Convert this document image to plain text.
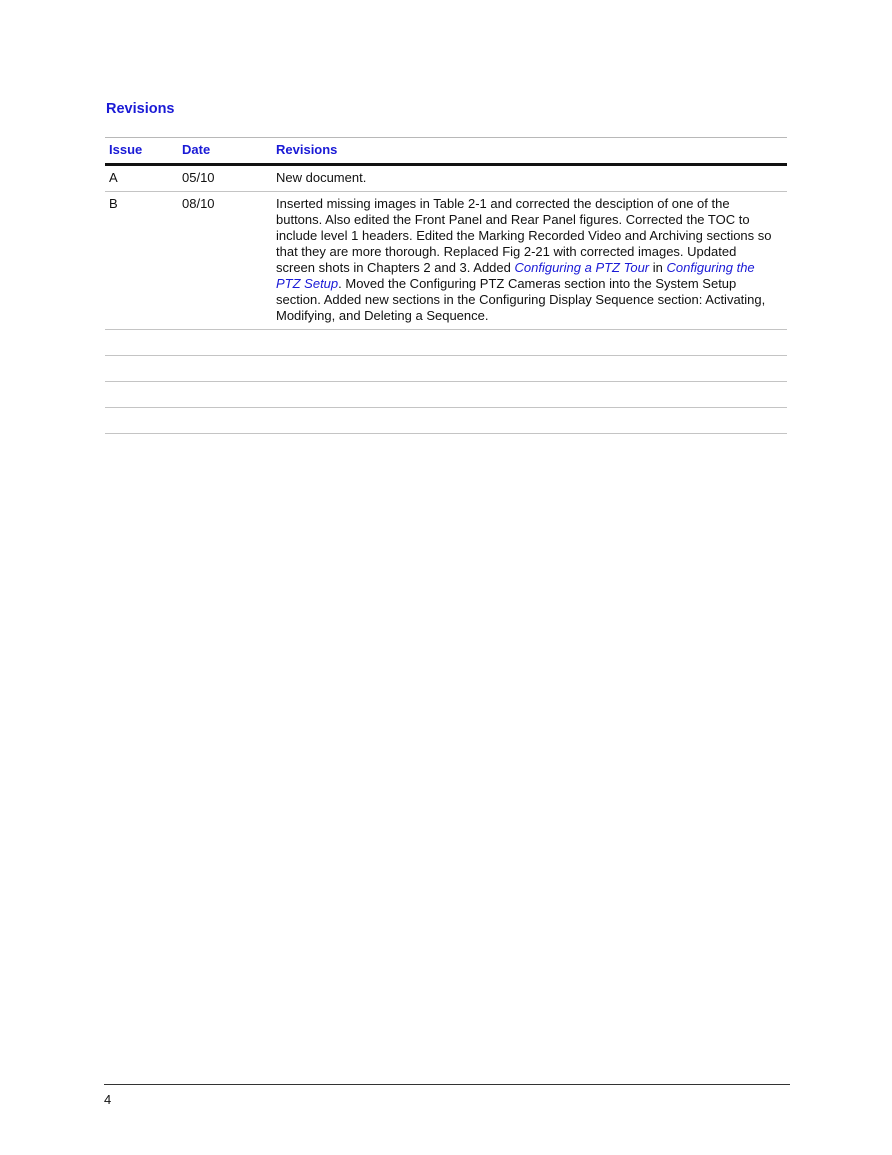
Revisions
Issue	Date	Revisions
A	05/10	New document.
B	08/10	Inserted missing images in Table 2-1 and corrected the desciption of one of the buttons. Also edited the Front Panel and Rear Panel figures. Corrected the TOC to include level 1 headers. Edited the Marking Recorded Video and Archiving sections so that they are more thorough. Replaced Fig 2-21 with corrected images. Updated screen shots in Chapters 2 and 3. Added Configuring a PTZ Tour in Configuring the PTZ Setup. Moved the Configuring PTZ Cameras section into the System Setup section. Added new sections in the Configuring Display Sequence section: Activating, Modifying, and Deleting a Sequence.

4
